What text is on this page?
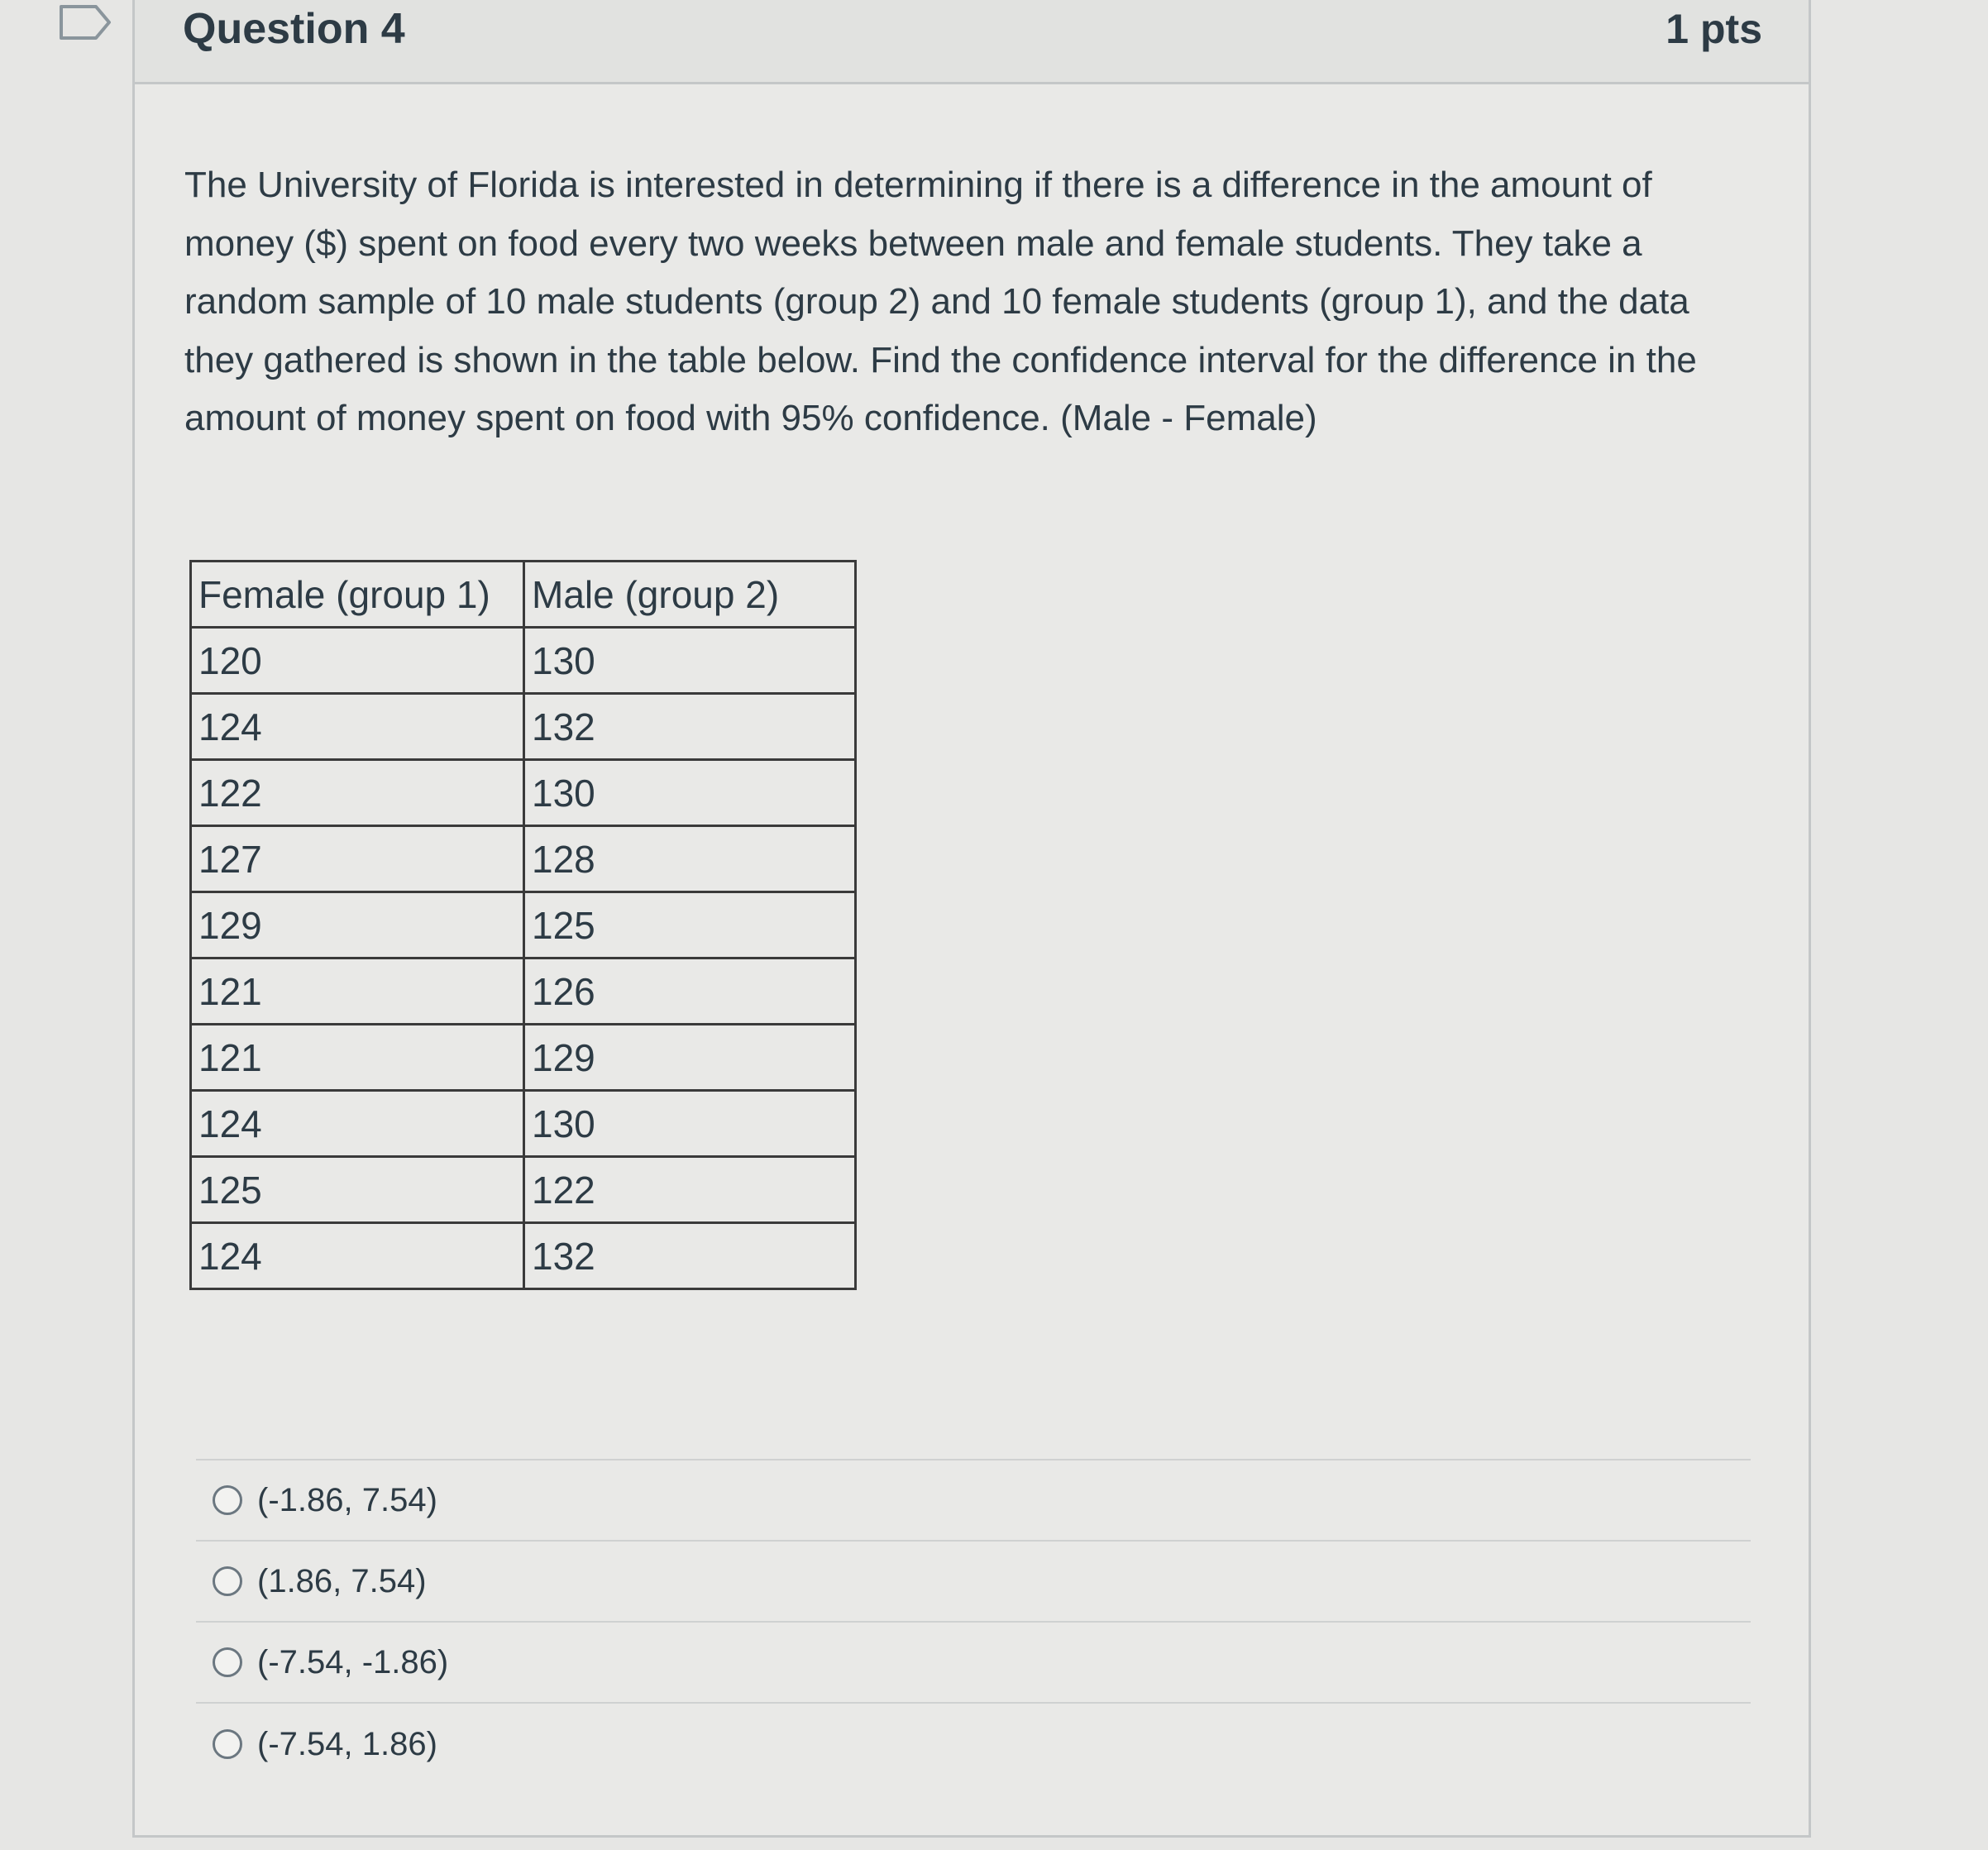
Question 4	1 pts
The University of Florida is interested in determining if there is a difference in the amount of money ($) spent on food every two weeks between male and female students. They take a random sample of 10 male students (group 2) and 10 female students (group 1), and the data they gathered is shown in the table below. Find the confidence interval for the difference in the amount of money spent on food with 95% confidence. (Male - Female)
Female (group 1)	Male (group 2)
120	130
124	132
122	130
127	128
129	125
121	126
121	129
124	130
125	122
124	132
(-1.86, 7.54)
(1.86, 7.54)
(-7.54, -1.86)
(-7.54, 1.86)
